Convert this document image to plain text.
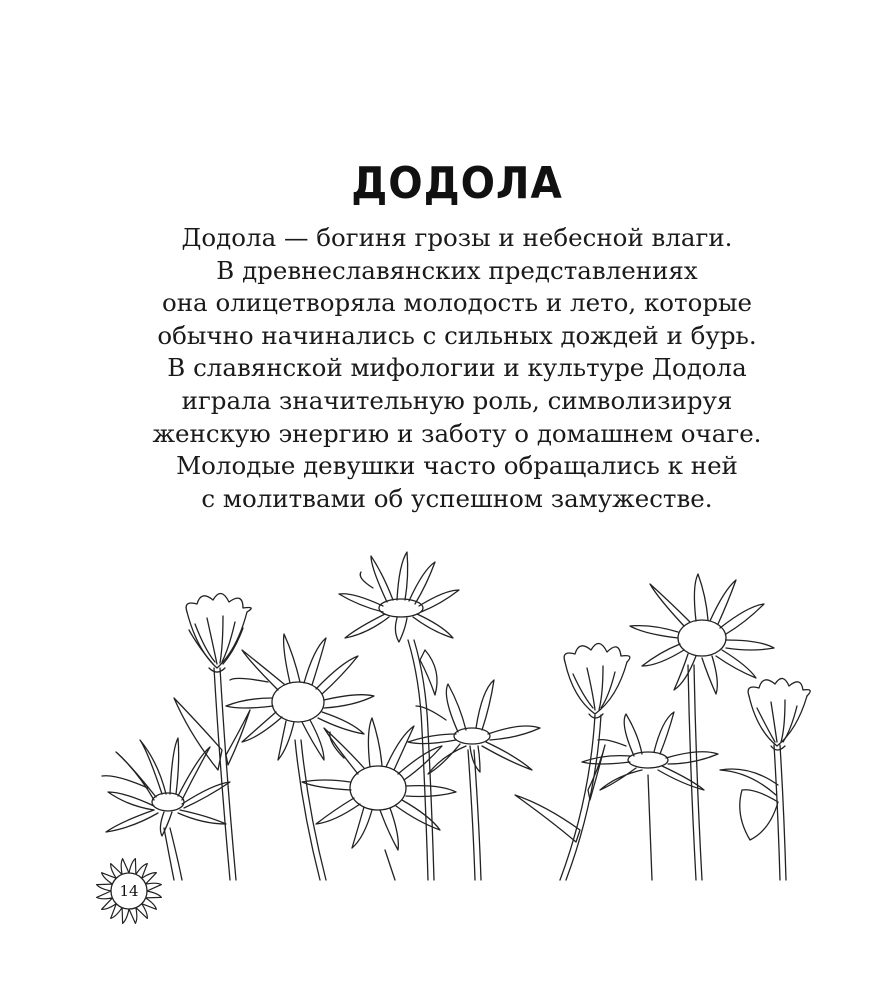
ДОДОЛА
Додола — богиня грозы и небесной влаги.
В древнеславянских представлениях
она олицетворяла молодость и лето, которые
обычно начинались с сильных дождей и бурь.
В славянской мифологии и культуре Додола
играла значительную роль, символизируя
женскую энергию и заботу о домашнем очаге.
Молодые девушки часто обращались к ней
с молитвами об успешном замужестве.
14
